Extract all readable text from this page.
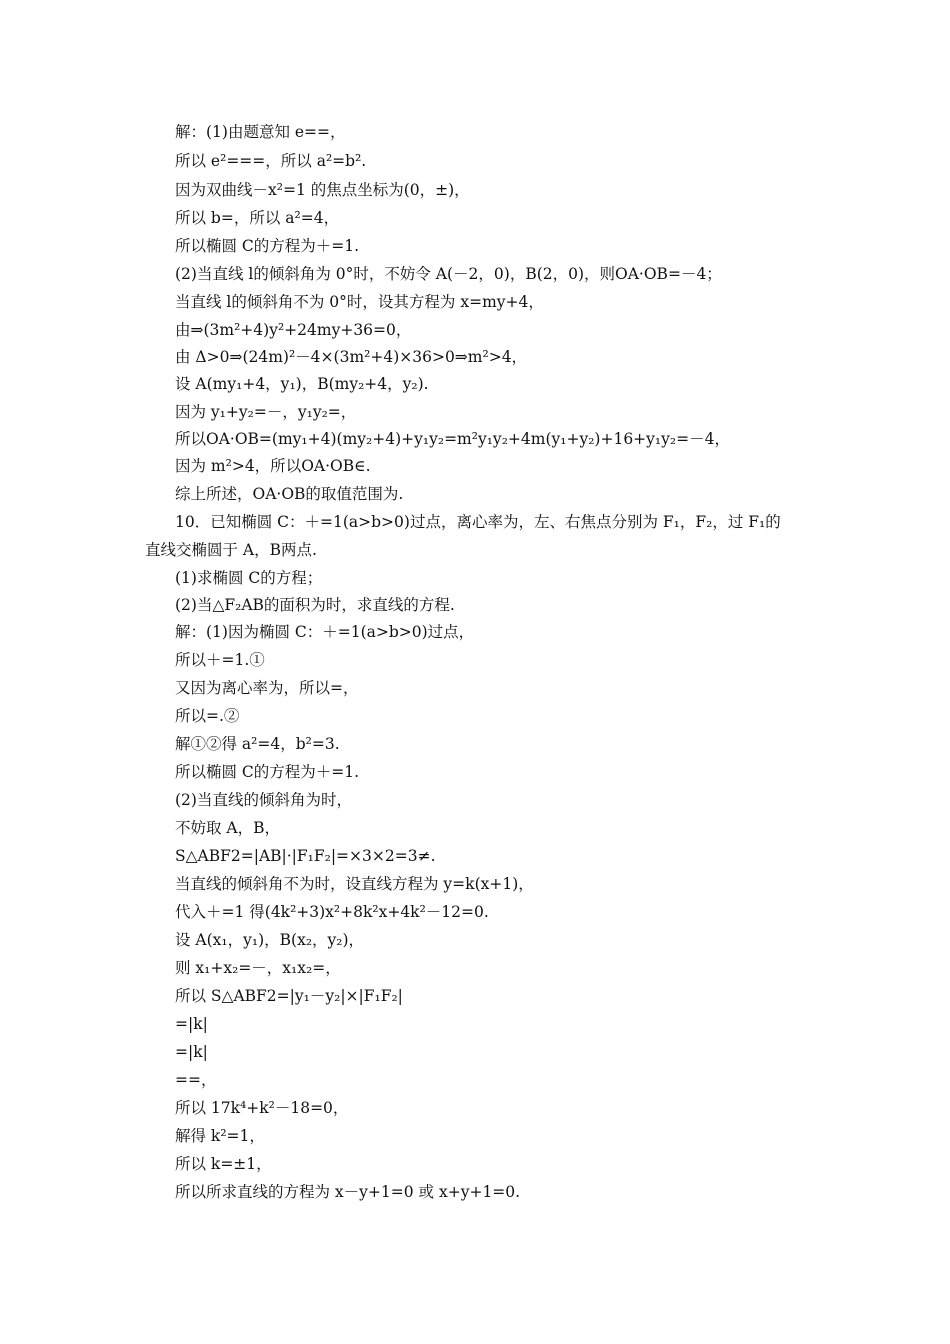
解：(1)由题意知 e==，
所以 e²===，所以 a²=b².
因为双曲线－x²=1 的焦点坐标为(0，±)，
所以 b=，所以 a²=4，
所以椭圆 C的方程为＋=1.
(2)当直线 l的倾斜角为 0°时，不妨令 A(－2，0)，B(2，0)，则OA·OB=－4；
当直线 l的倾斜角不为 0°时，设其方程为 x=my+4，
由⇒(3m²+4)y²+24my+36=0，
由 Δ>0⇒(24m)²－4×(3m²+4)×36>0⇒m²>4，
设 A(my₁+4，y₁)，B(my₂+4，y₂).
因为 y₁+y₂=－，y₁y₂=，
所以OA·OB=(my₁+4)(my₂+4)+y₁y₂=m²y₁y₂+4m(y₁+y₂)+16+y₁y₂=－4，
因为 m²>4，所以OA·OB∈.
综上所述，OA·OB的取值范围为.
10．已知椭圆 C：＋=1(a>b>0)过点，离心率为，左、右焦点分别为 F₁，F₂，过 F₁的
直线交椭圆于 A，B两点.
(1)求椭圆 C的方程；
(2)当△F₂AB的面积为时，求直线的方程.
解：(1)因为椭圆 C：＋=1(a>b>0)过点，
所以＋=1.①
又因为离心率为，所以=，
所以=.②
解①②得 a²=4，b²=3.
所以椭圆 C的方程为＋=1.
(2)当直线的倾斜角为时，
不妨取 A，B，
S△ABF2=|AB|·|F₁F₂|=×3×2=3≠.
当直线的倾斜角不为时，设直线方程为 y=k(x+1)，
代入＋=1 得(4k²+3)x²+8k²x+4k²－12=0.
设 A(x₁，y₁)，B(x₂，y₂)，
则 x₁+x₂=－，x₁x₂=，
所以 S△ABF2=|y₁－y₂|×|F₁F₂|
=|k|
=|k|
==，
所以 17k⁴+k²－18=0，
解得 k²=1，
所以 k=±1，
所以所求直线的方程为 x－y+1=0 或 x+y+1=0.
